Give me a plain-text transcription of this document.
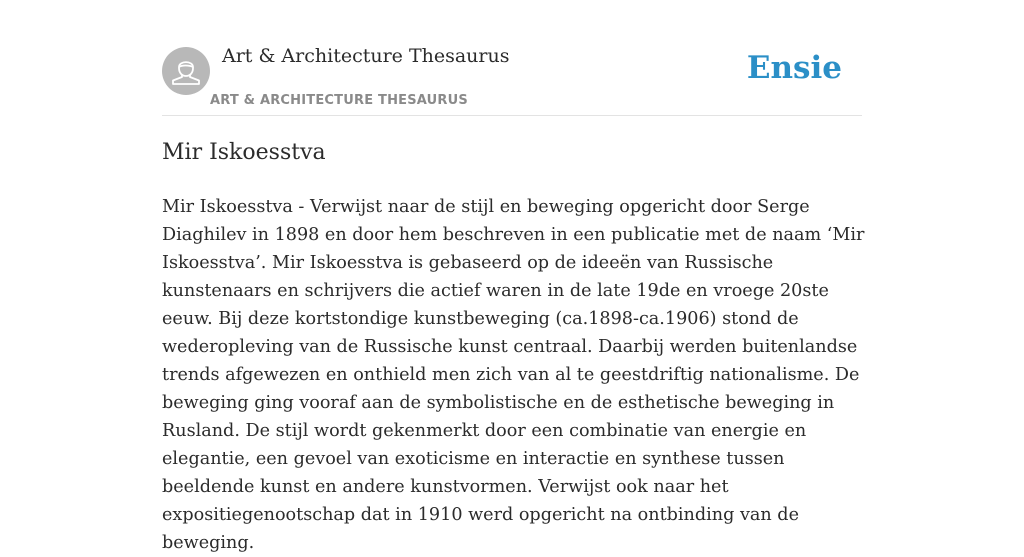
Art & Architecture Thesaurus
ART & ARCHITECTURE THESAURUS
Ensie
Mir Iskoesstva

Mir Iskoesstva - Verwijst naar de stijl en beweging opgericht door Serge Diaghilev in 1898 en door hem beschreven in een publicatie met de naam ‘Mir Iskoesstva’. Mir Iskoesstva is gebaseerd op de ideeën van Russische kunstenaars en schrijvers die actief waren in de late 19de en vroege 20ste eeuw. Bij deze kortstondige kunstbeweging (ca.1898-ca.1906) stond de wederopleving van de Russische kunst centraal. Daarbij werden buitenlandse trends afgewezen en onthield men zich van al te geestdriftig nationalisme. De beweging ging vooraf aan de symbolistische en de esthetische beweging in Rusland. De stijl wordt gekenmerkt door een combinatie van energie en elegantie, een gevoel van exoticisme en interactie en synthese tussen beeldende kunst en andere kunstvormen. Verwijst ook naar het expositiegenootschap dat in 1910 werd opgericht na ontbinding van de beweging.
